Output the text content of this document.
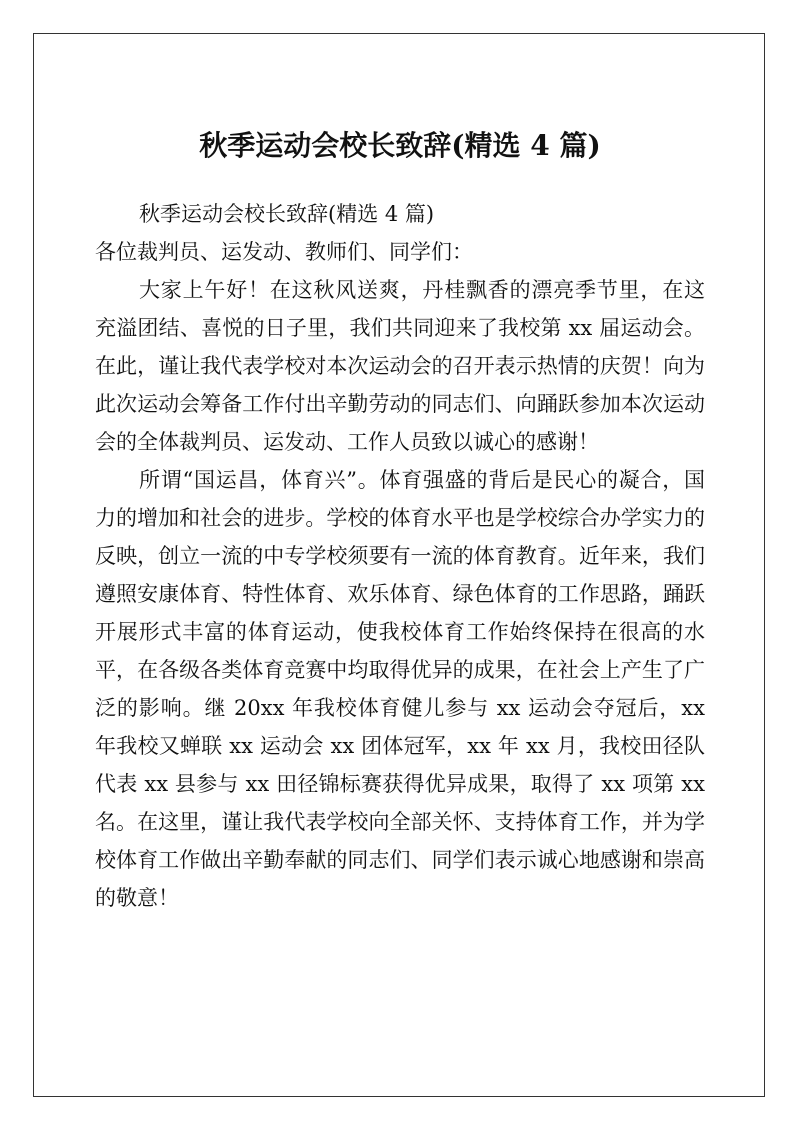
秋季运动会校长致辞(精选 4 篇)

秋季运动会校长致辞(精选 4 篇)

各位裁判员、运发动、教师们、同学们：

大家上午好！在这秋风送爽，丹桂飘香的漂亮季节里，在这充溢团结、喜悦的日子里，我们共同迎来了我校第 xx 届运动会。在此，谨让我代表学校对本次运动会的召开表示热情的庆贺！向为此次运动会筹备工作付出辛勤劳动的同志们、向踊跃参加本次运动会的全体裁判员、运发动、工作人员致以诚心的感谢！

所谓“国运昌，体育兴”。体育强盛的背后是民心的凝合，国力的增加和社会的进步。学校的体育水平也是学校综合办学实力的反映，创立一流的中专学校须要有一流的体育教育。近年来，我们遵照安康体育、特性体育、欢乐体育、绿色体育的工作思路，踊跃开展形式丰富的体育运动，使我校体育工作始终保持在很高的水平，在各级各类体育竞赛中均取得优异的成果，在社会上产生了广泛的影响。继 20xx 年我校体育健儿参与 xx 运动会夺冠后，xx 年我校又蝉联 xx 运动会 xx 团体冠军，xx 年 xx 月，我校田径队代表 xx 县参与 xx 田径锦标赛获得优异成果，取得了 xx 项第 xx 名。在这里，谨让我代表学校向全部关怀、支持体育工作，并为学校体育工作做出辛勤奉献的同志们、同学们表示诚心地感谢和崇高的敬意！
